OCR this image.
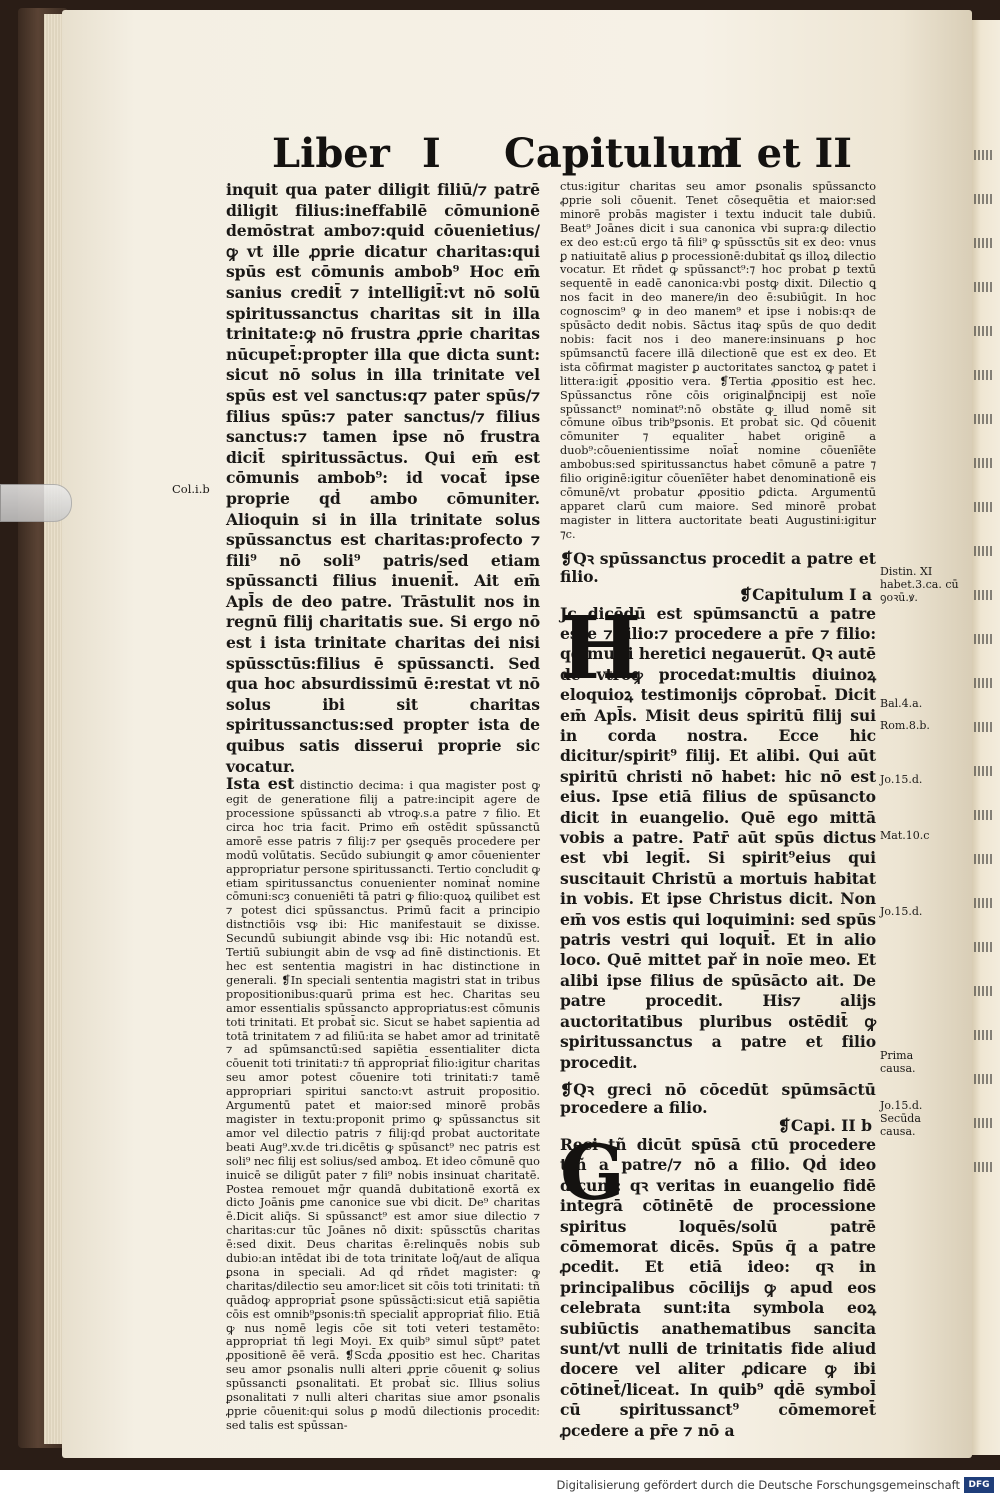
Liber I Capitulum
I et II

inquit qua pater diligit filiū/⁊ patrē diligit filius:ineffabilē cōmunionē demōstrat ambo⁊:quid cōuenietius/ꝙ vt ille ꝓprie dicatur charitas:qui spūs est cōmunis ambob⁹ Hoc em̄ sanius credit̄ ⁊ intelligit̄:vt nō solū spiritussanctus charitas sit in illa trinitate:ꝙ nō frustra ꝓprie charitas nūcupet̄:propter illa que dicta sunt: sicut nō solus in illa trinitate vel spūs est vel sanctus:q⁊ pater spūs/⁊ filius spūs:⁊ pater sanctus/⁊ filius sanctus:⁊ tamen ipse nō frustra dicit̄ spiritussāctus. Qui em̄ est cōmunis ambob⁹: id vocat̄ ipse proprie qḋ ambo cōmuniter. Alioquin si in illa trinitate solus spūssanctus est charitas:profecto ⁊ fili⁹ nō soli⁹ patris/sed etiam spūssancti filius inuenit̄. Ait em̄ Apl̄s de deo patre. Trāstulit nos in regnū filij charitatis sue. Si ergo nō est i ista trinitate charitas dei nisi spūssctūs:filius ē spūssancti. Sed qua hoc absurdissimū ē:restat vt nō solus ibi sit charitas spiritussanctus:sed propter ista de quibus satis disserui proprie sic vocatur.

Ista est distinctio decima: i qua magister post ꝙ egit de generatione filij a patre:incipit agere de processione spūssancti ab vtroꝙ.s.a patre ⁊ filio. Et circa hoc tria facit. Primo em̄ ostēdit spūssanctū amorē esse patris ⁊ filij:⁊ per ꝯsequēs procedere per modū volūtatis. Secūdo subiungit ꝙ amor cōuenienter appropriatur persone spiritussancti. Tertio concludit ꝙ etiam spiritussanctus conuenienter nominat̄ nomine cōmuni:scȝ conueniēti tā patri ꝙ filio:quoꝝ quilibet est ⁊ potest dici spūssanctus. Primū facit a principio dist̄nctiōis vsꝙ ibi: Hic manifestauit se dixisse. Secundū subiungit abinde vsꝙ ibi: Hic notandū est. Tertiū subiungit abin de vsꝙ ad finē distinctionis. Et hec est sententia magistri in hac distinctione in generali. ❡In speciali sententia magistri stat in tribus propositionibus:quarū prima est hec. Charitas seu amor essentialis spūssancto appropriatus:est cōmunis toti trinitati. Et probat̄ sic. Sicut se habet sapientia ad totā trinitatem ⁊ ad filiū:ita se habet amor ad trinitatē ⁊ ad spūmsanctū:sed sapiētia essentialiter dicta cōuenit toti trinitati:⁊ tñ appropriat̄ filio:igitur charitas seu amor potest cōuenire toti trinitati:⁊ tamē appropriari spiritui sancto:vt astruit propositio. Argumentū patet et maior:sed minorē probās magister in textu:proponit primo ꝙ spūssanctus sit amor vel dilectio patris ⁊ filij:qḋ probat auctoritate beati Aug⁹.xv.de tri.dicētis ꝙ spūsanct⁹ nec patris est soli⁹ nec filij est solius/sed amboꝝ. Et ideo cōmunē quo inuicē se diligūt pater ⁊ fili⁹ nobis insinuat charitatē. Postea remouet mḡr quandā dubitationē exortā ex dicto Joānis ꝑme canonice sue vbi dicit. De⁹ charitas ē.Dicit aliq̄s. Si spūssanct⁹ est amor siue dilectio ⁊ charitas:cur tūc Joānes nō dixit: spūssctūs charitas ē:sed dixit. Deus charitas ē:relinquēs nobis sub dubio:an intēdat ibi de tota trinitate loq̄/aut de alīqua ꝑsona in speciali. Ad qḋ rn̄det magister: ꝙ charitas/dilectio seu amor:licet sit cōis toti trinitati: tñ quādoꝙ appropriat̄ ꝑsone spūssācti:sicut etiā sapiētia cōis est omnib⁹ꝑsonis:tñ specialit̄ appropriat̄ filio. Etiā ꝙ nus nomē legis cōe sit toti veteri testamēto: appropriat̄ tñ legi Moyi. Ex quib⁹ simul sūpt⁹ patet ꝓpositionē ēē verā. ❡Scd̄a ꝓpositio est hec. Charitas seu amor ꝑsonalis nulli alteri ꝓprie cōuenit ꝙ solius spūssancti ꝑsonalitati. Et probat̄ sic. Illius solius ꝑsonalitati ⁊ nulli alteri charitas siue amor ꝑsonalis ꝓprie cōuenit:qui solus ꝑ modū dilectionis procedit: sed talis est spūssan-

Col.i.b

ctus:igitur charitas seu amor ꝑsonalis spūssancto ꝓprie soli cōuenit. Tenet cōsequētia et maior:sed minorē probās magister i textu inducit tale dubiū. Beat⁹ Joānes dicit i sua canonica vbi supra:ꝙ dilectio ex deo est:cū ergo tā fili⁹ ꝙ spūssctūs sit ex deo: vnus ꝑ natiuitatē alius ꝑ processionē:dubitat̄ ꝗs illoꝝ dilectio vocatur. Et rn̄det ꝙ spūssanct⁹:⁊ hoc probat ꝑ textū sequentē in eadē canonica:vbi postꝙ dixit. Dilectio ꝗ nos facit in deo manere/in deo ē:subiūgit. In hoc cognoscim⁹ ꝙ in deo manem⁹ et ipse i nobis:qꝛ de spūsācto dedit nobis. Sāctus itaꝙ spūs de quo dedit nobis: facit nos i deo manere:insinuans ꝑ hoc spūmsanctū facere illā dilectionē que est ex deo. Et ista cōfirmat magister ꝑ auctoritates sanctoꝝ ꝙ patet i littera:igit̄ ꝓpositio vera. ❡Tertia ꝓpositio est hec. Spūssanctus rōne cōis originalꝑ̄ncipij est noīe spūssanct⁹ nominat⁹:nō obstāte ꝙ illud nomē sit cōmune oībus trib⁹ꝑsonis. Et probat̄ sic. Qḋ cōuenit cōmuniter ⁊ equaliter habet originē a duob⁹:cōuenientissime noīat̄ nomine cōuenīēte ambobus:sed spiritussanctus habet cōmunē a patre ⁊ filio originē:igitur cōuenīēter habet denominationē eis cōmunē/vt probatur ꝓpositio ꝑdicta. Argumentū apparet clarū cum maiore. Sed minorē probat magister in littera auctoritate beati Augustini:igitur ⁊c.

❡Qꝛ spūssanctus procedit a patre et filio.

❡Capitulum I a

H

Jc dicēdū est spūmsanctū a patre esse ⁊ filio:⁊ procedere a pr̄e ⁊ filio: qḋ multi heretici negauerūt. Qꝛ autē de vtroꝙ procedat:multis diuinoꝝ eloquioꝝ testimonijs cōprobat̄. Dicit em̄ Apl̄s. Misit deus spiritū filij sui in corda nostra. Ecce hic dicitur/spirit⁹ filij. Et alibi. Qui aūt spiritū christi nō habet: hic nō est eius. Ipse etiā filius de spūsancto dicit in euangelio. Quē ego mittā vobis a patre. Patr̄ aūt spūs dictus est vbi legit̄. Si spirit⁹eius qui suscitauit Christū a mortuis habitat in vobis. Et ipse Christus dicit. Non em̄ vos estis qui loquimini: sed spūs patris vestri qui loquit̄. Et in alio loco. Quē mittet pař in noīe meo. Et alibi ipse filius de spūsācto ait. De patre procedit. His⁊ alijs auctoritatibus pluribus ostēdit̄ ꝙ spiritussanctus a patre et filio procedit.

❡Qꝛ greci nō cōcedūt spūmsāctū procedere a filio.

❡Capi. II b

G

Reci tñ dicūt spūsā ctū procedere trñ a patre/⁊ nō a filio. Qḋ ideo dicunt: qꝛ veritas in euangelio fidē integrā cōtinētē de processione spiritus loquēs/solū patrē cōmemorat dicēs. Spūs q̄ a patre ꝓcedit. Et etiā ideo: qꝛ in principalibus cōcilijs ꝙ apud eos celebrata sunt:ita symbola eoꝝ subiūctis anathematibus sancita sunt/vt nulli de trinitatis fide aliud docere vel aliter ꝓdicare ꝙ ibi cōtinet̄/liceat. In quib⁹ qḋē symbol̄ cū spiritussanct⁹ cōmemoret̄ ꝓcedere a pr̄e ⁊ nō a

Distin. XI habet.3.ca. cū ꝯoꝛū.ꝟ.
Bal.4.a.
Rom.8.b.
Jo.15.d.
Mat.10.c
Jo.15.d.
Prima causa.
Jo.15.d. Secūda causa.
Digitalisierung gefördert durch die Deutsche Forschungsgemeinschaft DFG
